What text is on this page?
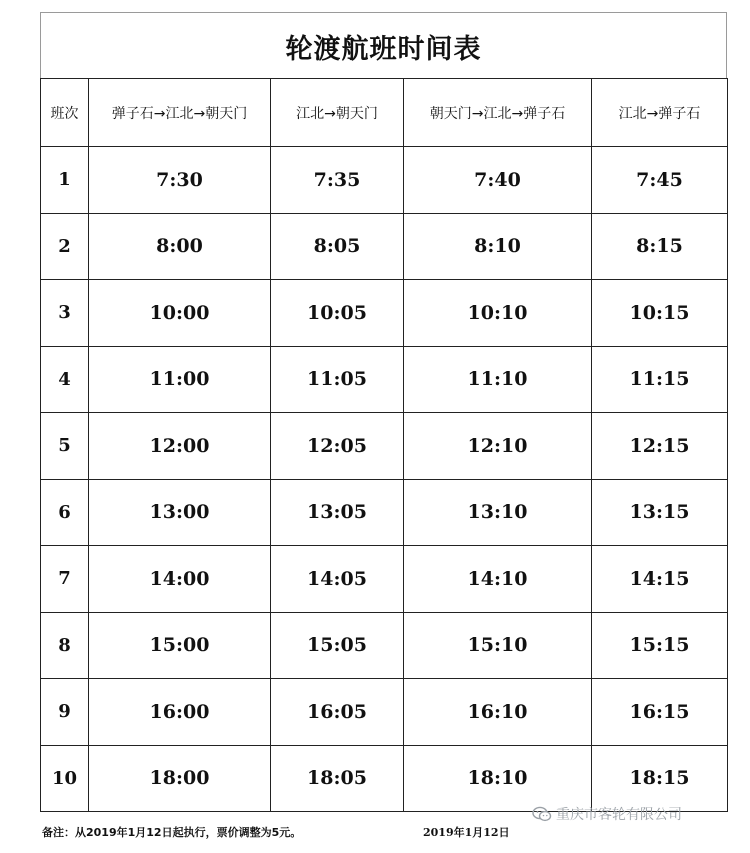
轮渡航班时间表
班次	弹子石→江北→朝天门	江北→朝天门	朝天门→江北→弹子石	江北→弹子石
1	7:30	7:35	7:40	7:45
2	8:00	8:05	8:10	8:15
3	10:00	10:05	10:10	10:15
4	11:00	11:05	11:10	11:15
5	12:00	12:05	12:10	12:15
6	13:00	13:05	13:10	13:15
7	14:00	14:05	14:10	14:15
8	15:00	15:05	15:10	15:15
9	16:00	16:05	16:10	16:15
10	18:00	18:05	18:10	18:15
备注：从2019年1月12日起执行，票价调整为5元。	2019年1月12日
重庆市客轮有限公司
